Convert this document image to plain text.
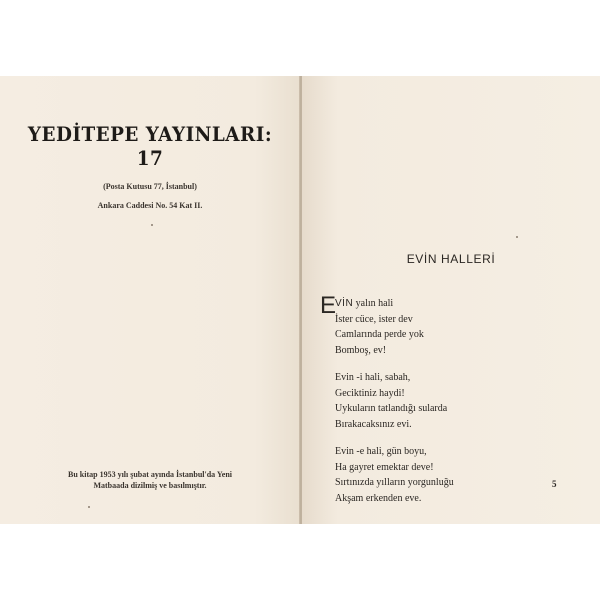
YEDİTEPE YAYINLARI: 17
(Posta Kutusu 77, İstanbul)
Ankara Caddesi No. 54 Kat II.
Bu kitap 1953 yılı şubat ayında İstanbul'da Yeni Matbaada dizilmiş ve basılmıştır.
EVİN HALLERİ
E
VİN yalın hali
İster cüce, ister dev
Camlarında perde yok
Bomboş, ev!
Evin -i hali, sabah,
Geciktiniz haydi!
Uykuların tatlandığı sularda
Bırakacaksınız evi.
Evin -e hali, gün boyu,
Ha gayret emektar deve!
Sırtınızda yılların yorgunluğu
Akşam erkenden eve.
5
